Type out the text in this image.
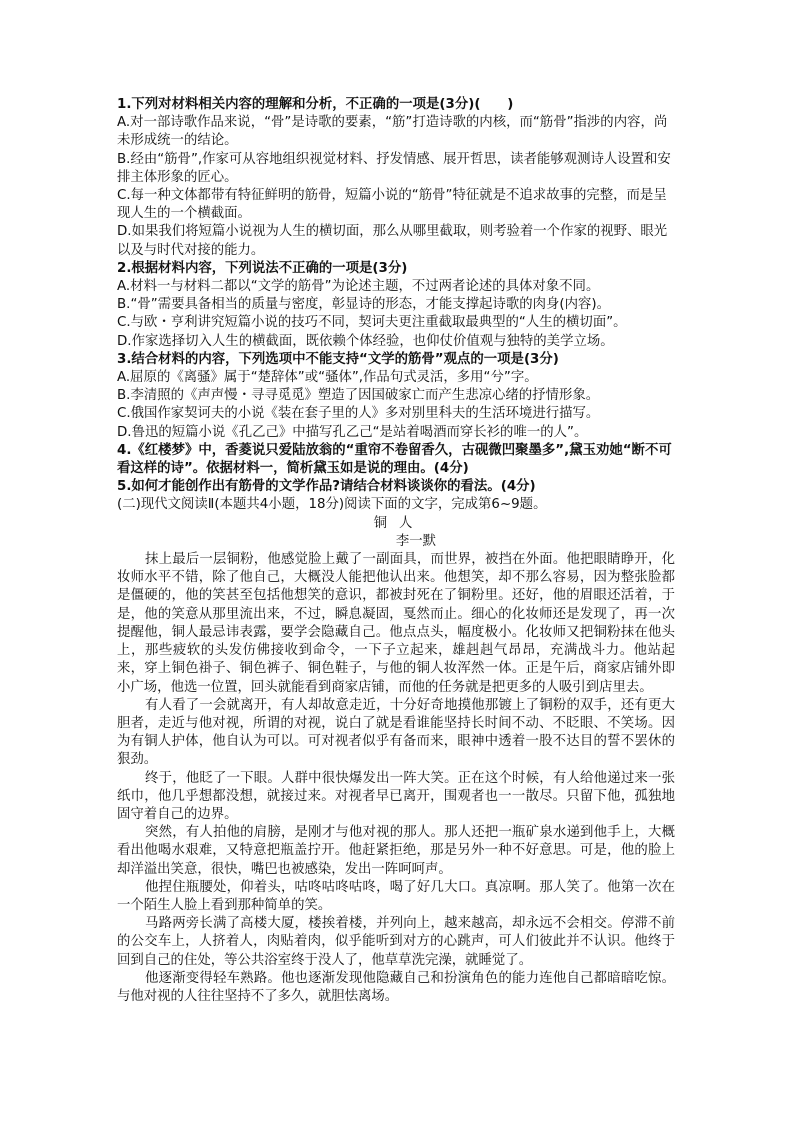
1.下列对材料相关内容的理解和分析，不正确的一项是(3分)(　　)
A.对一部诗歌作品来说，“骨”是诗歌的要素，“筋”打造诗歌的内核，而“筋骨”指涉的内容，尚未形成统一的结论。
B.经由“筋骨”,作家可从容地组织视觉材料、抒发情感、展开哲思，读者能够观测诗人设置和安排主体形象的匠心。
C.每一种文体都带有特征鲜明的筋骨，短篇小说的“筋骨”特征就是不追求故事的完整，而是呈现人生的一个横截面。
D.如果我们将短篇小说视为人生的横切面，那么从哪里截取，则考验着一个作家的视野、眼光以及与时代对接的能力。
2.根据材料内容，下列说法不正确的一项是(3分)
A.材料一与材料二都以“文学的筋骨”为论述主题，不过两者论述的具体对象不同。
B.“骨”需要具备相当的质量与密度，彰显诗的形态，才能支撑起诗歌的肉身(内容)。
C.与欧・亨利讲究短篇小说的技巧不同，契诃夫更注重截取最典型的“人生的横切面”。
D.作家选择切入人生的横截面，既依赖个体经验，也仰仗价值观与独特的美学立场。
3.结合材料的内容，下列选项中不能支持“文学的筋骨”观点的一项是(3分)
A.屈原的《离骚》属于“楚辞体”或“骚体”,作品句式灵活，多用“兮”字。
B.李清照的《声声慢・寻寻觅觅》塑造了因国破家亡而产生悲凉心绪的抒情形象。
C.俄国作家契诃夫的小说《装在套子里的人》多对别里科夫的生活环境进行描写。
D.鲁迅的短篇小说《孔乙己》中描写孔乙己“是站着喝酒而穿长衫的唯一的人”。
4.《红楼梦》中，香菱说只爱陆放翁的“重帘不卷留香久，古砚微凹聚墨多”,黛玉劝她“断不可看这样的诗”。依据材料一，简析黛玉如是说的理由。(4分)
5.如何才能创作出有筋骨的文学作品?请结合材料谈谈你的看法。(4分)
(二)现代文阅读Ⅱ(本题共4小题，18分)阅读下面的文字，完成第6~9题。
铜人
李一默
抹上最后一层铜粉，他感觉脸上戴了一副面具，而世界，被挡在外面。他把眼睛睁开，化妆师水平不错，除了他自己，大概没人能把他认出来。他想笑，却不那么容易，因为整张脸都是僵硬的，他的笑甚至包括他想笑的意识，都被封死在了铜粉里。还好，他的眉眼还活着，于是，他的笑意从那里流出来，不过，瞬息凝固，戛然而止。细心的化妆师还是发现了，再一次提醒他，铜人最忌讳表露，要学会隐藏自己。他点点头，幅度极小。化妆师又把铜粉抹在他头上，那些疲软的头发仿佛接收到命令，一下子立起来，雄赳赳气昂昂，充满战斗力。他站起来，穿上铜色褂子、铜色裤子、铜色鞋子，与他的铜人妆浑然一体。正是午后，商家店铺外即小广场，他选一位置，回头就能看到商家店铺，而他的任务就是把更多的人吸引到店里去。
有人看了一会就离开，有人却故意走近，十分好奇地摸他那镀上了铜粉的双手，还有更大胆者，走近与他对视，所谓的对视，说白了就是看谁能坚持长时间不动、不眨眼、不笑场。因为有铜人护体，他自认为可以。可对视者似乎有备而来，眼神中透着一股不达目的誓不罢休的狠劲。
终于，他眨了一下眼。人群中很快爆发出一阵大笑。正在这个时候，有人给他递过来一张纸巾，他几乎想都没想，就接过来。对视者早已离开，围观者也一一散尽。只留下他，孤独地固守着自己的边界。
突然，有人拍他的肩膀，是刚才与他对视的那人。那人还把一瓶矿泉水递到他手上，大概看出他喝水艰难，又特意把瓶盖拧开。他赶紧拒绝，那是另外一种不好意思。可是，他的脸上却洋溢出笑意，很快，嘴巴也被感染，发出一阵呵呵声。
他捏住瓶腰处，仰着头，咕咚咕咚咕咚，喝了好几大口。真凉啊。那人笑了。他第一次在一个陌生人脸上看到那种简单的笑。
马路两旁长满了高楼大厦，楼挨着楼，并列向上，越来越高，却永远不会相交。停滞不前的公交车上，人挤着人，肉贴着肉，似乎能听到对方的心跳声，可人们彼此并不认识。他终于回到自己的住处，等公共浴室终于没人了，他草草洗完澡，就睡觉了。
他逐渐变得轻车熟路。他也逐渐发现他隐藏自己和扮演角色的能力连他自己都暗暗吃惊。与他对视的人往往坚持不了多久，就胆怯离场。
